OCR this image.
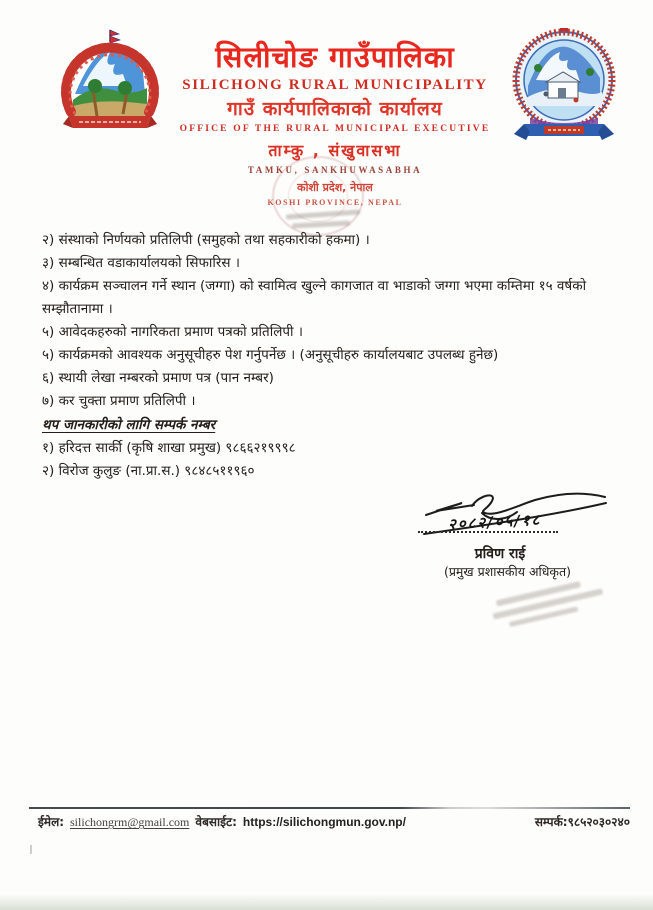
सिलीचोङ गाउँपालिका
SILICHONG RURAL MUNICIPALITY
गाउँ कार्यपालिकाको कार्यालय
OFFICE OF THE RURAL MUNICIPAL EXECUTIVE
ताम्कु , संखुवासभा
TAMKU, SANKHUWASABHA
कोशी प्रदेश, नेपाल
KOSHI PROVINCE, NEPAL

२) संस्थाको निर्णयको प्रतिलिपी (समुहको तथा सहकारीको हकमा) ।

३) सम्बन्धित वडाकार्यालयको सिफारिस ।

४) कार्यक्रम सञ्चालन गर्ने स्थान (जग्गा) को स्वामित्व खुल्ने कागजात वा भाडाको जग्गा भएमा कम्तिमा १५ वर्षको सम्झौतानामा ।

५) आवेदकहरुको नागरिकता प्रमाण पत्रको प्रतिलिपी ।

५) कार्यक्रमको आवश्यक अनुसूचीहरु पेश गर्नुपर्नेछ । (अनुसूचीहरु कार्यालयबाट उपलब्ध हुनेछ)

६) स्थायी लेखा नम्बरको प्रमाण पत्र (पान नम्बर)

७) कर चुक्ता प्रमाण प्रतिलिपी ।

थप जानकारीको लागि सम्पर्क नम्बर

१) हरिदत्त सार्की (कृषि शाखा प्रमुख) ९८६६२१९९९८

२) विरोज कुलुङ (ना.प्रा.स.) ९८४८५११९६०

२०८२/०५/१८

प्रविण राई

(प्रमुख प्रशासकीय अधिकृत)

ईमेल: silichongrm@gmail.com वेबसाईट: https://silichongmun.gov.np/	सम्पर्क:९८५२०३०२४०
